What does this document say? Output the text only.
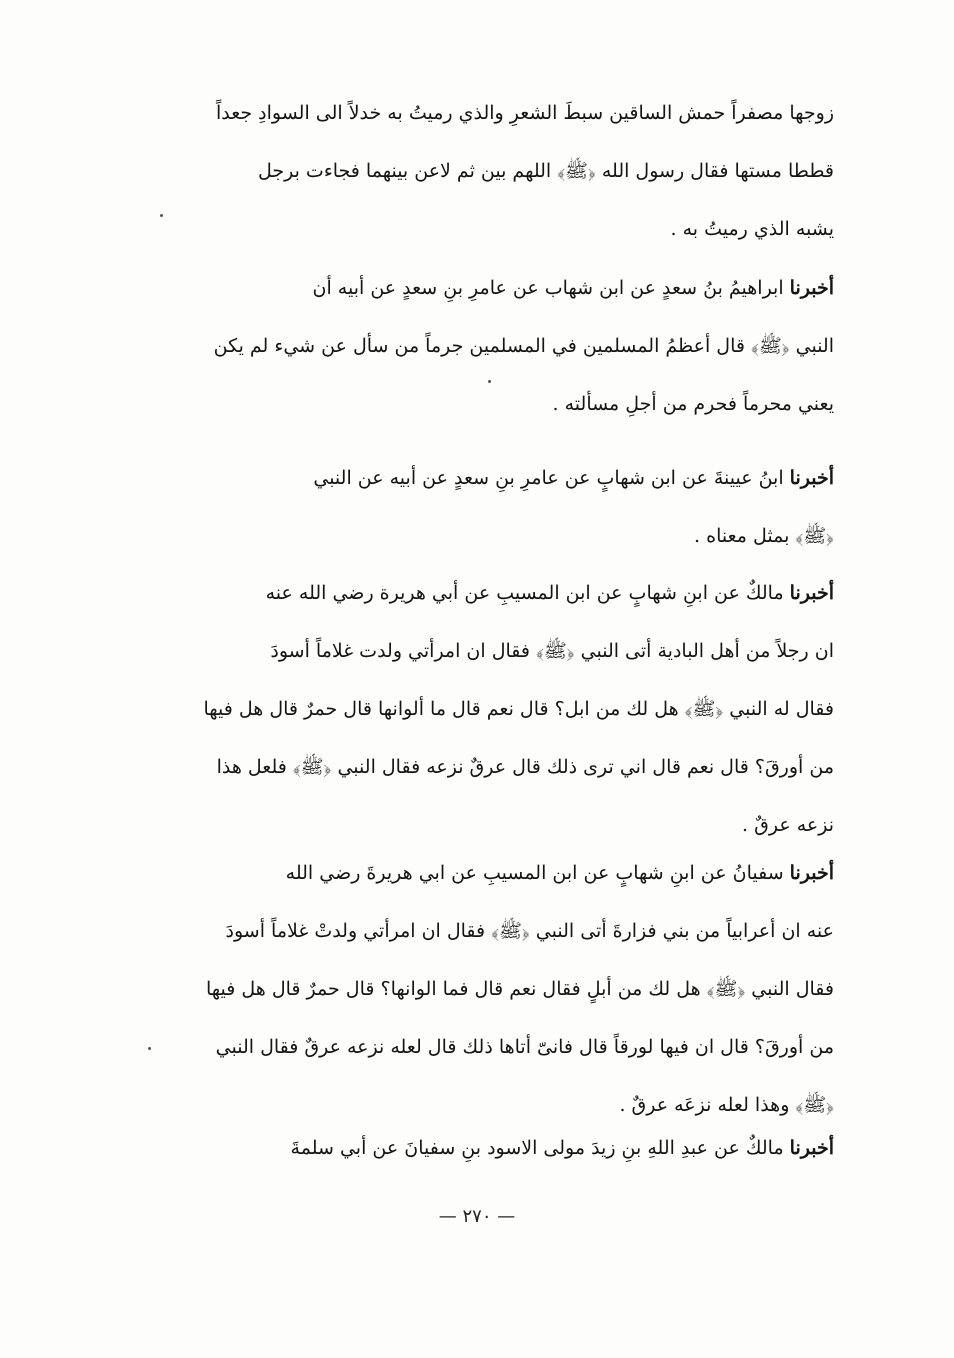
زوجها مصفراً حمش الساقين سبطَ الشعرِ والذي رميتُ به خدلاً الى السوادِ جعداً
قططا مستها فقال رسول الله ﴿ﷺ﴾ اللهم بين ثم لاعن بينهما فجاءت برجل
يشبه الذي رميتُ به .
أخبرنا ابراهيمُ بنُ سعدٍ عن ابن شهاب عن عامرِ بنِ سعدٍ عن أبيه أن
النبي ﴿ﷺ﴾ قال أعظمُ المسلمين في المسلمين جرماً من سأل عن شيء لم يكن
يعني محرماً فحرم من أجلِ مسألته .
أخبرنا ابنُ عيينةَ عن ابن شهابٍ عن عامرِ بنِ سعدٍ عن أبيه عن النبي
﴿ﷺ﴾ بمثل معناه .
أخبرنا مالكٌ عن ابنِ شهابٍ عن ابن المسيبِ عن أبي هريرة رضي الله عنه
ان رجلاً من أهل البادية أتى النبي ﴿ﷺ﴾ فقال ان امرأتي ولدت غلاماً أسودَ
فقال له النبي ﴿ﷺ﴾ هل لك من ابل؟ قال نعم قال ما ألوانها قال حمرٌ قال هل فيها
من أورقَ؟ قال نعم قال اني ترى ذلك قال عرقٌ نزعه فقال النبي ﴿ﷺ﴾ فلعل هذا
نزعه عرقٌ .
أخبرنا سفيانُ عن ابنِ شهابٍ عن ابن المسيبِ عن ابي هريرةَ رضي الله
عنه ان أعرابياً من بني فزارةَ أتى النبي ﴿ﷺ﴾ فقال ان امرأتي ولدتْ غلاماً أسودَ
فقال النبي ﴿ﷺ﴾ هل لك من أبلٍ فقال نعم قال فما الوانها؟ قال حمرٌ قال هل فيها
من أورقَ؟ قال ان فيها لورقاً قال فانىّ أتاها ذلك قال لعله نزعه عرقٌ فقال النبي
﴿ﷺ﴾ وهذا لعله نزعَه عرقٌ .
أخبرنا مالكٌ عن عبدِ اللهِ بنِ زيدَ مولى الاسود بنِ سفيانَ عن أبي سلمةَ
— ٢٧٠ —
